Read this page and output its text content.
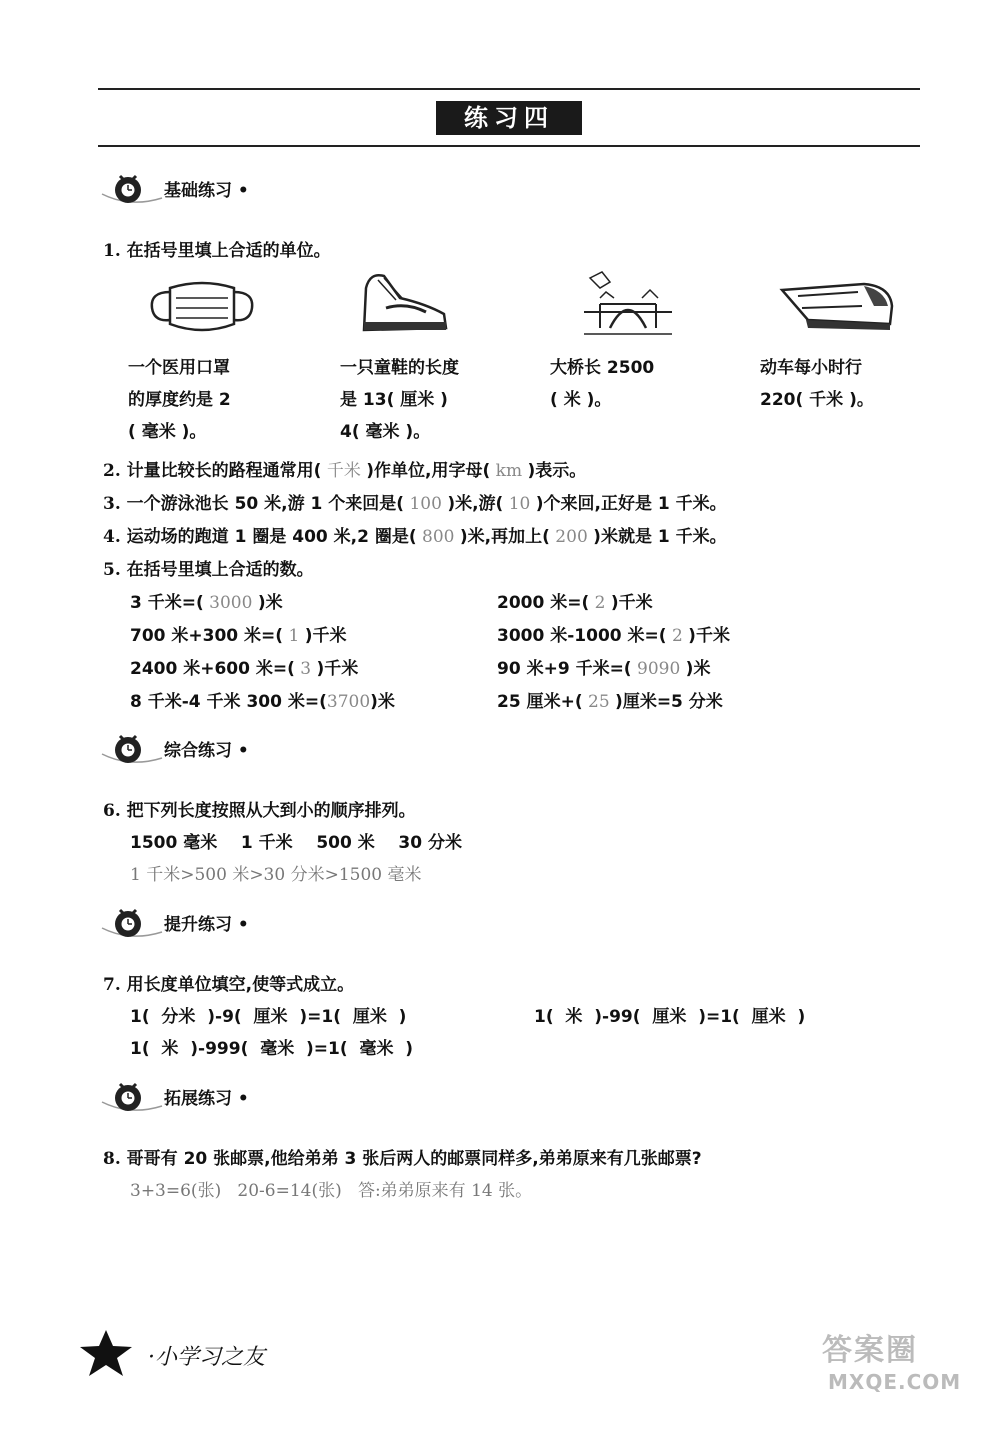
练习四
基础练习 •
1. 在括号里填上合适的单位。
一个医用口罩
的厚度约是 2
( 毫米 )。
一只童鞋的长度
是 13( 厘米 )
4( 毫米 )。
大桥长 2500
( 米 )。
动车每小时行
220( 千米 )。
2. 计量比较长的路程通常用( 千米 )作单位,用字母( km )表示。
3. 一个游泳池长 50 米,游 1 个来回是( 100 )米,游( 10 )个来回,正好是 1 千米。
4. 运动场的跑道 1 圈是 400 米,2 圈是( 800 )米,再加上( 200 )米就是 1 千米。
5. 在括号里填上合适的数。
3 千米=( 3000 )米
700 米+300 米=( 1 )千米
2400 米+600 米=( 3 )千米
8 千米-4 千米 300 米=(3700)米
2000 米=( 2 )千米
3000 米-1000 米=( 2 )千米
90 米+9 千米=( 9090 )米
25 厘米+( 25 )厘米=5 分米
综合练习 •
6. 把下列长度按照从大到小的顺序排列。
1500 毫米    1 千米    500 米    30 分米
1 千米>500 米>30 分米>1500 毫米
提升练习 •
7. 用长度单位填空,使等式成立。
1(  分米  )-9(  厘米  )=1(  厘米  )	1(  米  )-99(  厘米  )=1(  厘米  )
1(  米  )-999(  毫米  )=1(  毫米  )
拓展练习 •
8. 哥哥有 20 张邮票,他给弟弟 3 张后两人的邮票同样多,弟弟原来有几张邮票?
3+3=6(张)   20-6=14(张)   答:弟弟原来有 14 张。
·小学习之友	答案圈
MXQE.COM
